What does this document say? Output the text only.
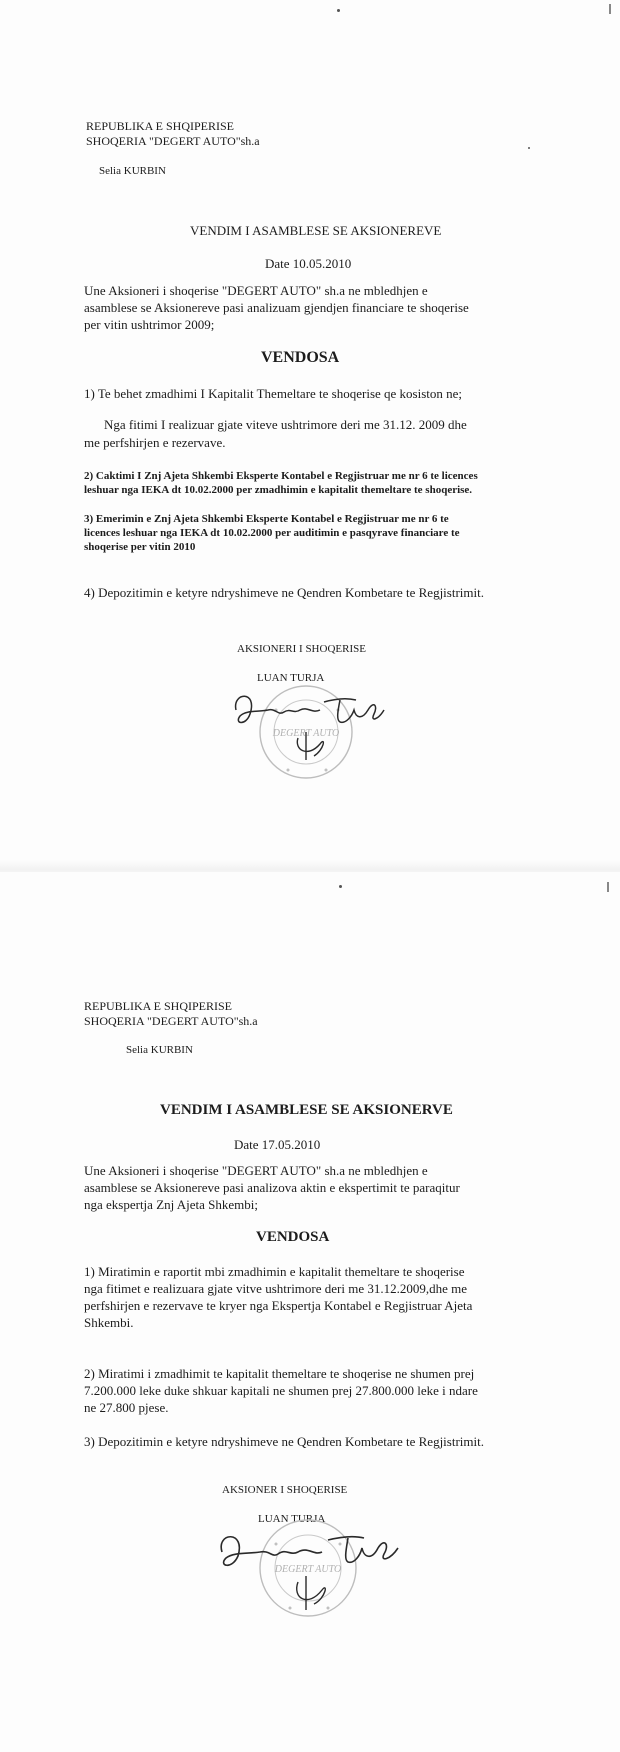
REPUBLIKA E SHQIPERISE
SHOQERIA "DEGERT AUTO"sh.a
Selia KURBIN
VENDIM I ASAMBLESE SE AKSIONEREVE
Date 10.05.2010
Une Aksioneri i shoqerise "DEGERT AUTO" sh.a ne mbledhjen e
asamblese se Aksionereve pasi analizuam gjendjen financiare te shoqerise
per vitin ushtrimor 2009;
VENDOSA
1) Te behet zmadhimi I Kapitalit Themeltare te shoqerise qe kosiston ne;
Nga fitimi I realizuar gjate viteve ushtrimore deri me 31.12. 2009 dhe
me perfshirjen e rezervave.
2) Caktimi I Znj Ajeta Shkembi Eksperte Kontabel e Regjistruar me nr 6 te licences
leshuar nga IEKA dt 10.02.2000 per zmadhimin e kapitalit themeltare te shoqerise.
3) Emerimin e Znj Ajeta Shkembi Eksperte Kontabel e Regjistruar me nr 6 te
licences leshuar nga IEKA dt 10.02.2000 per auditimin e pasqyrave financiare te
shoqerise per vitin 2010
4) Depozitimin e ketyre ndryshimeve ne Qendren Kombetare te Regjistrimit.
AKSIONERI I SHOQERISE
LUAN TURJA
DEGERT AUTO
Luan Turja
REPUBLIKA E SHQIPERISE
SHOQERIA "DEGERT AUTO"sh.a
Selia KURBIN
VENDIM I ASAMBLESE SE AKSIONERVE
Date 17.05.2010
Une Aksioneri i shoqerise "DEGERT AUTO" sh.a ne mbledhjen e
asamblese se Aksionereve pasi analizova aktin e ekspertimit te paraqitur
nga ekspertja Znj Ajeta Shkembi;
VENDOSA
1) Miratimin e raportit mbi zmadhimin e kapitalit themeltare te shoqerise
nga fitimet e realizuara gjate vitve ushtrimore deri me 31.12.2009,dhe me
perfshirjen e rezervave te kryer nga Ekspertja Kontabel e Regjistruar Ajeta
Shkembi.
2) Miratimi i zmadhimit te kapitalit themeltare te shoqerise ne shumen prej
7.200.000 leke duke shkuar kapitali ne shumen prej 27.800.000 leke i ndare
ne 27.800 pjese.
3) Depozitimin e ketyre ndryshimeve ne Qendren Kombetare te Regjistrimit.
AKSIONER I SHOQERISE
LUAN TURJA
DEGERT AUTO
Luan Turja
